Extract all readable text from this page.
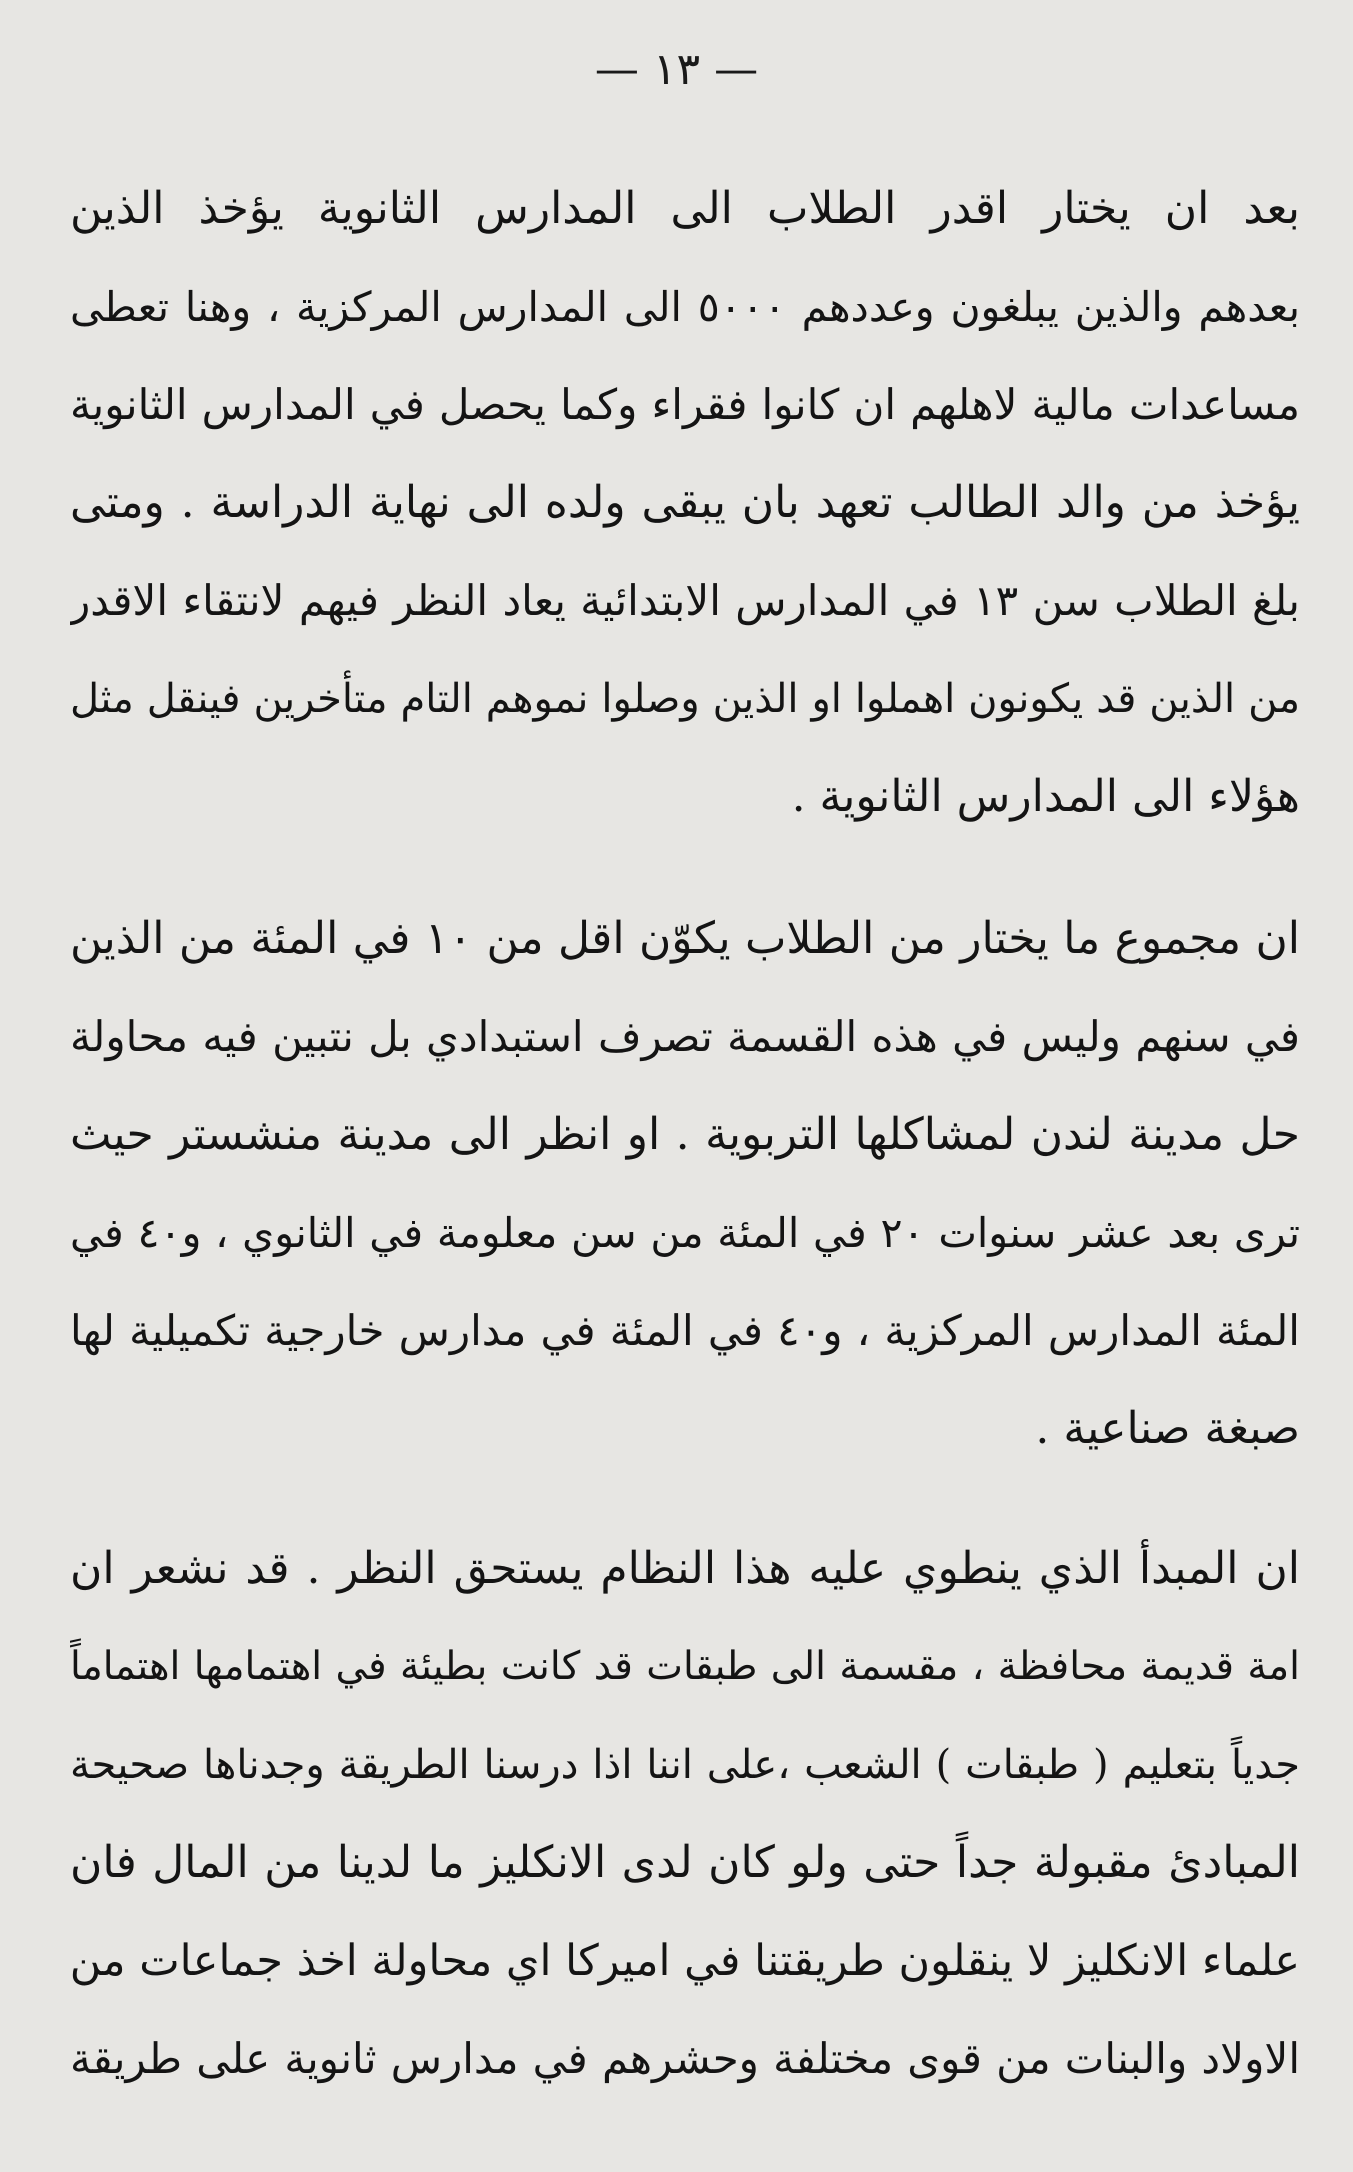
— ١٣ —
بعد ان يختار اقدر الطلاب الى المدارس الثانوية يؤخذ الذين
بعدهم والذين يبلغون وعددهم ٥٠٠٠ الى المدارس المركزية ، وهنا تعطى
مساعدات مالية لاهلهم ان كانوا فقراء وكما يحصل في المدارس الثانوية
يؤخذ من والد الطالب تعهد بان يبقى ولده الى نهاية الدراسة . ومتى
بلغ الطلاب سن ١٣ في المدارس الابتدائية يعاد النظر فيهم لانتقاء الاقدر
من الذين قد يكونون اهملوا او الذين وصلوا نموهم التام متأخرين فينقل مثل
هؤلاء الى المدارس الثانوية .
ان مجموع ما يختار من الطلاب يكوّن اقل من ١٠ في المئة من الذين
في سنهم وليس في هذه القسمة تصرف استبدادي بل نتبين فيه محاولة
حل مدينة لندن لمشاكلها التربوية . او انظر الى مدينة منشستر حيث
ترى بعد عشر سنوات ٢٠ في المئة من سن معلومة في الثانوي ، و٤٠ في
المئة المدارس المركزية ، و٤٠ في المئة في مدارس خارجية تكميلية لها
صبغة صناعية .
ان المبدأ الذي ينطوي عليه هذا النظام يستحق النظر . قد نشعر ان
امة قديمة محافظة ، مقسمة الى طبقات قد كانت بطيئة في اهتمامها اهتماماً
جدياً بتعليم ( طبقات ) الشعب ،على اننا اذا درسنا الطريقة وجدناها صحيحة
المبادئ مقبولة جداً حتى ولو كان لدى الانكليز ما لدينا من المال فان
علماء الانكليز لا ينقلون طريقتنا في اميركا اي محاولة اخذ جماعات من
الاولاد والبنات من قوى مختلفة وحشرهم في مدارس ثانوية على طريقة
